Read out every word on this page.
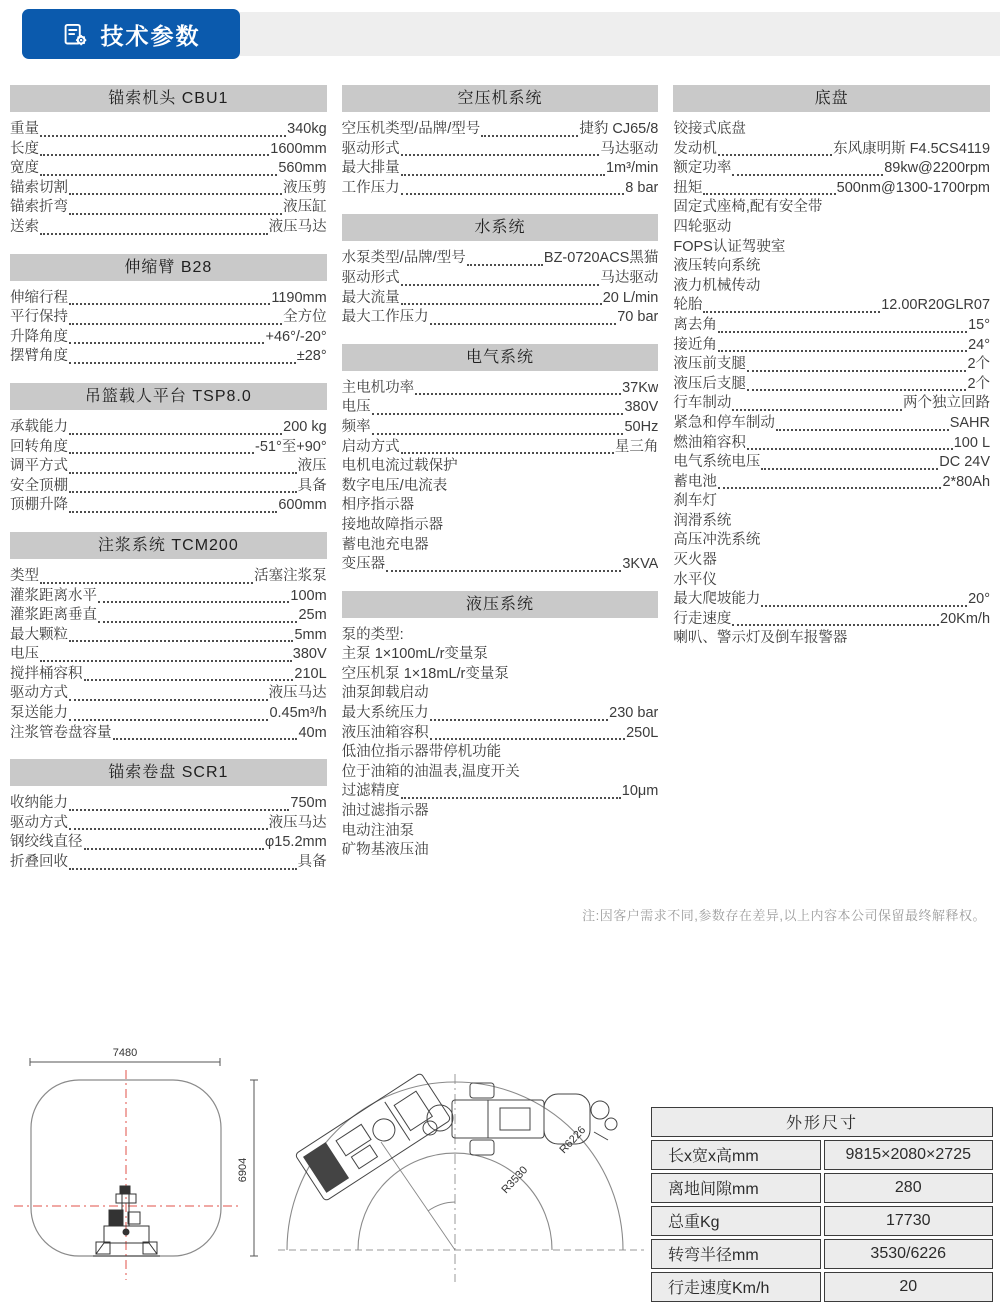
技术参数
锚索机头 CBU1
重量	340kg
长度	1600mm
宽度	560mm
锚索切割	液压剪
锚索折弯	液压缸
送索	液压马达
伸缩臂 B28
伸缩行程	1190mm
平行保持	全方位
升降角度	+46°/-20°
摆臂角度	±28°
吊篮载人平台 TSP8.0
承载能力	200 kg
回转角度	-51°至+90°
调平方式	液压
安全顶棚	具备
顶棚升降	600mm
注浆系统 TCM200
类型	活塞注浆泵
灌浆距离水平	100m
灌浆距离垂直	25m
最大颗粒	5mm
电压	380V
搅拌桶容积	210L
驱动方式	液压马达
泵送能力	0.45m³/h
注浆管卷盘容量	40m
锚索卷盘 SCR1
收纳能力	750m
驱动方式	液压马达
钢绞线直径	φ15.2mm
折叠回收	具备
空压机系统
空压机类型/品牌/型号	捷豹 CJ65/8
驱动形式	马达驱动
最大排量	1m³/min
工作压力	8 bar
水系统
水泵类型/品牌/型号	BZ-0720ACS黑猫
驱动形式	马达驱动
最大流量	20 L/min
最大工作压力	70 bar
电气系统
主电机功率	37Kw
电压	380V
频率	50Hz
启动方式	星三角
电机电流过载保护
数字电压/电流表
相序指示器
接地故障指示器
蓄电池充电器
变压器	3KVA
液压系统
泵的类型:
主泵 1×100mL/r变量泵
空压机泵 1×18mL/r变量泵
油泵卸载启动
最大系统压力	230 bar
液压油箱容积	250L
低油位指示器带停机功能
位于油箱的油温表,温度开关
过滤精度	10μm
油过滤指示器
电动注油泵
矿物基液压油
底盘
铰接式底盘
发动机	东风康明斯 F4.5CS4119
额定功率	89kw@2200rpm
扭矩	500nm@1300-1700rpm
固定式座椅,配有安全带
四轮驱动
FOPS认证驾驶室
液压转向系统
液力机械传动
轮胎	12.00R20GLR07
离去角	15°
接近角	24°
液压前支腿	2个
液压后支腿	2个
行车制动	两个独立回路
紧急和停车制动	SAHR
燃油箱容积	100 L
电气系统电压	DC 24V
蓄电池	2*80Ah
刹车灯
润滑系统
高压冲洗系统
灭火器
水平仪
最大爬坡能力	20°
行走速度	20Km/h
喇叭、警示灯及倒车报警器
注:因客户需求不同,参数存在差异,以上内容本公司保留最终解释权。
7480
6904	R3530
R6226
外形尺寸	
长x宽x高mm	9815×2080×2725
离地间隙mm	280
总重Kg	17730
转弯半径mm	3530/6226
行走速度Km/h	20
